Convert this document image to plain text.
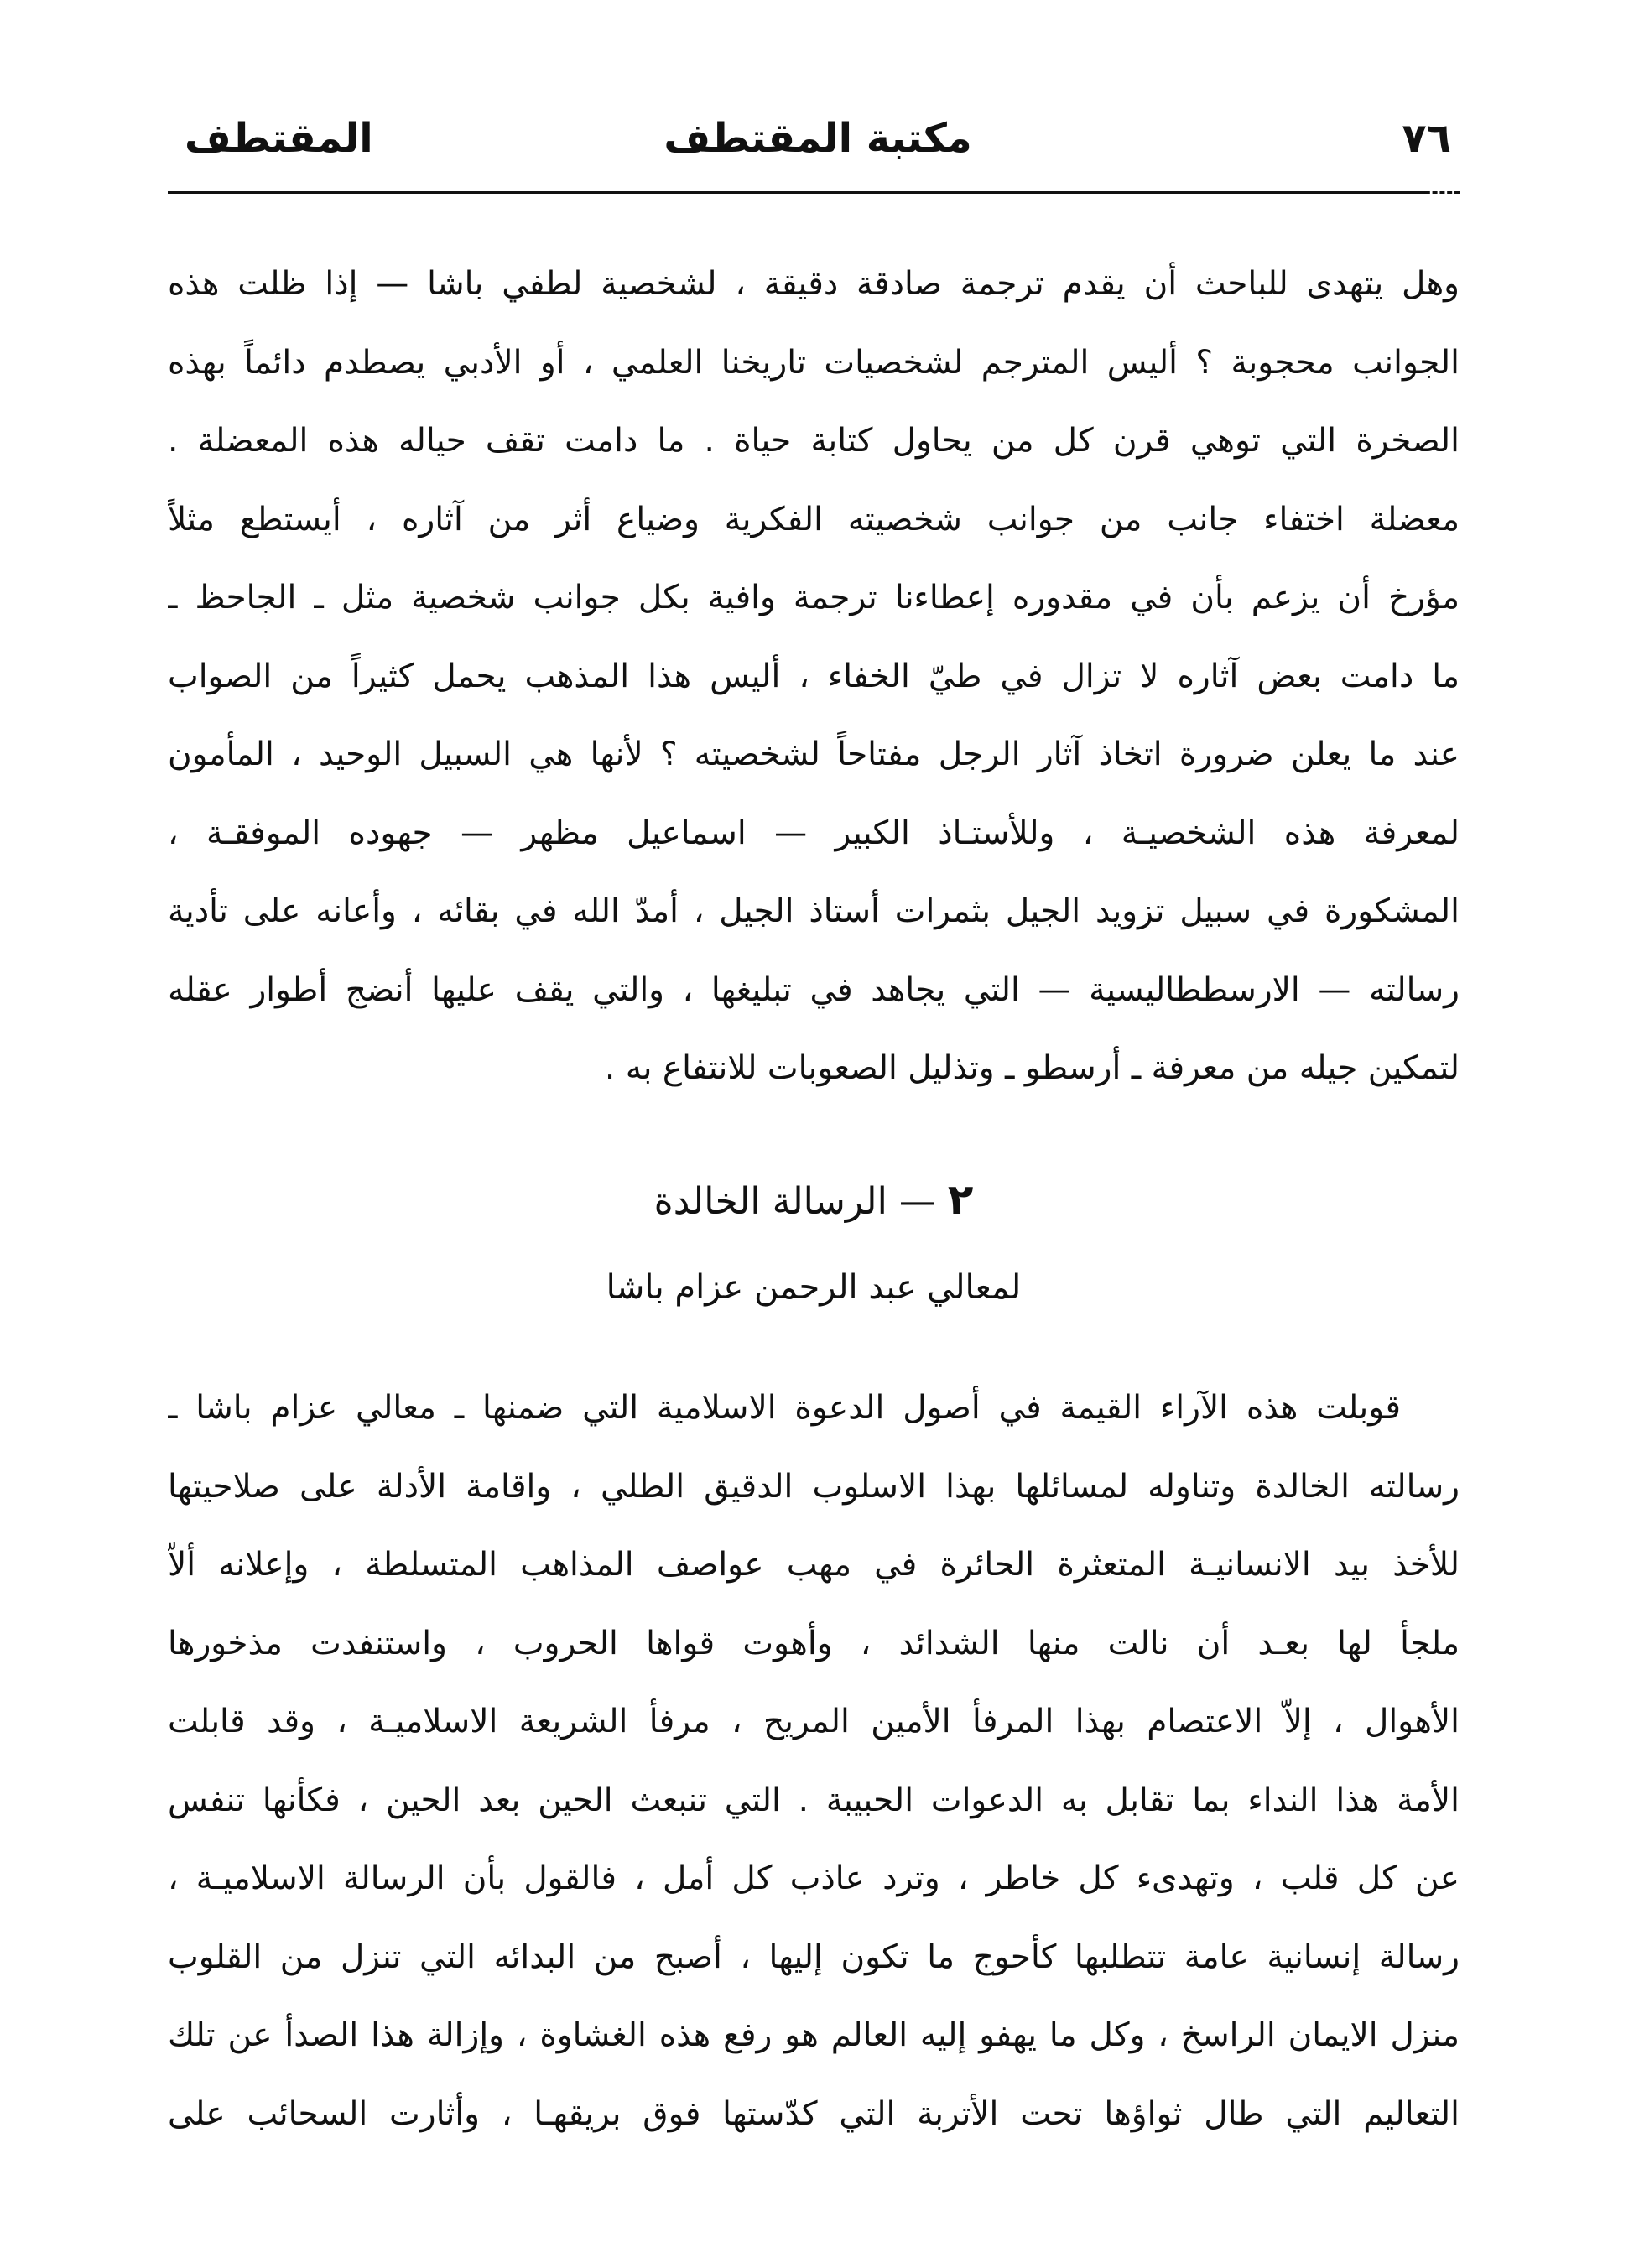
٧٦
مكتبة المقتطف
المقتطف
وهل يتهدى للباحث أن يقدم ترجمة صادقة دقيقة ، لشخصية لطفي باشا — إذا ظلت هذه
الجوانب محجوبة ؟ أليس المترجم لشخصيات تاريخنا العلمي ، أو الأدبي يصطدم دائماً بهذه
الصخرة التي توهي قرن كل من يحاول كتابة حياة . ما دامت تقف حياله هذه المعضلة .
معضلة اختفاء جانب من جوانب شخصيته الفكرية وضياع أثر من آثاره ، أيستطع مثلاً
مؤرخ أن يزعم بأن في مقدوره إعطاءنا ترجمة وافية بكل جوانب شخصية مثل ـ الجاحظ ـ
ما دامت بعض آثاره لا تزال في طيّ الخفاء ، أليس هذا المذهب يحمل كثيراً من الصواب
عند ما يعلن ضرورة اتخاذ آثار الرجل مفتاحاً لشخصيته ؟ لأنها هي السبيل الوحيد ، المأمون
لمعرفة هذه الشخصيـة ، وللأستـاذ الكبير — اسماعيل مظهر — جهوده الموفقـة ،
المشكورة في سبيل تزويد الجيل بثمرات أستاذ الجيل ، أمدّ الله في بقائه ، وأعانه على تأدية
رسالته — الارسططاليسية — التي يجاهد في تبليغها ، والتي يقف عليها أنضج أطوار عقله
لتمكين جيله من معرفة ـ أرسطو ـ وتذليل الصعوبات للانتفاع به .
٢ — الرسالة الخالدة
لمعالي عبد الرحمن عزام باشا
قوبلت هذه الآراء القيمة في أصول الدعوة الاسلامية التي ضمنها ـ معالي عزام باشا ـ
رسالته الخالدة وتناوله لمسائلها بهذا الاسلوب الدقيق الطلي ، واقامة الأدلة على صلاحيتها
للأخذ بيد الانسانيـة المتعثرة الحائرة في مهب عواصف المذاهب المتسلطة ، وإعلانه ألاّ
ملجأ لها بعـد أن نالت منها الشدائد ، وأهوت قواها الحروب ، واستنفدت مذخورها
الأهوال ، إلاّ الاعتصام بهذا المرفأ الأمين المريح ، مرفأ الشريعة الاسلاميـة ، وقد قابلت
الأمة هذا النداء بما تقابل به الدعوات الحبيبة . التي تنبعث الحين بعد الحين ، فكأنها تنفس
عن كل قلب ، وتهدىء كل خاطر ، وترد عاذب كل أمل ، فالقول بأن الرسالة الاسلاميـة ،
رسالة إنسانية عامة تتطلبها كأحوج ما تكون إليها ، أصبح من البدائه التي تنزل من القلوب
منزل الايمان الراسخ ، وكل ما يهفو إليه العالم هو رفع هذه الغشاوة ، وإزالة هذا الصدأ عن تلك
التعاليم التي طال ثواؤها تحت الأتربة التي كدّستها فوق بريقهـا ، وأثارت السحائب على
